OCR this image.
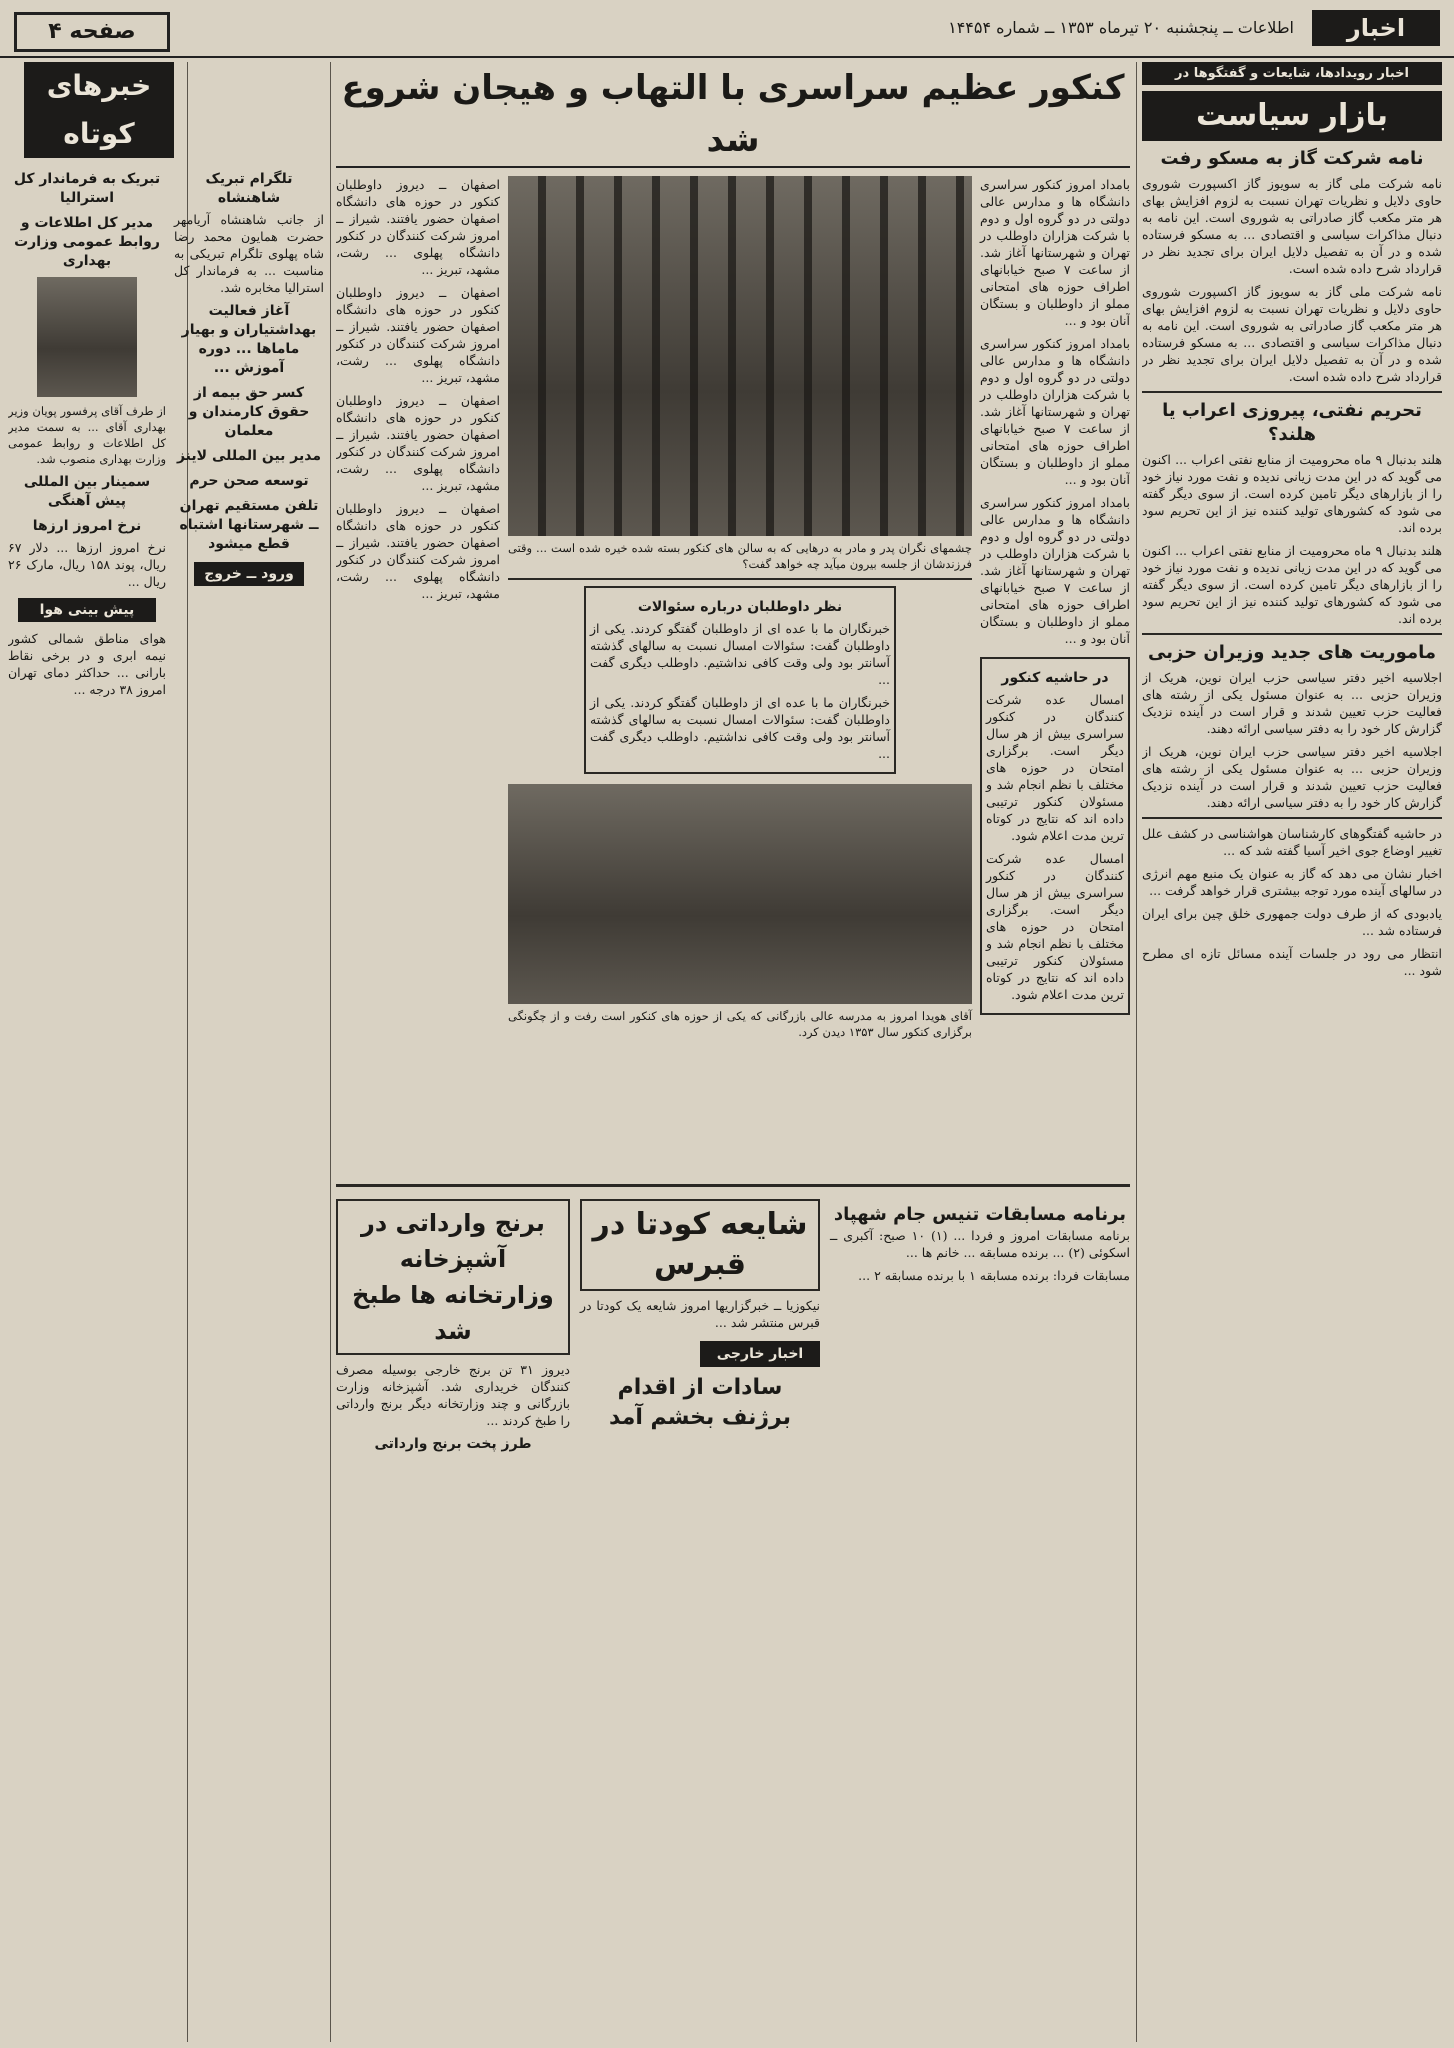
اخبار
اطلاعات ــ پنجشنبه ۲۰ تیرماه ۱۳۵۳ ــ شماره ۱۴۴۵۴
صفحه ۴
اخبار رویدادها، شایعات و گفتگوها در
بازار سیاست
نامه شرکت گاز به مسکو رفت

نامه شرکت ملی گاز به سویوز گاز اکسپورت شوروی حاوی دلایل و نظریات تهران نسبت به لزوم افزایش بهای هر متر مکعب گاز صادراتی به شوروی است. این نامه به دنبال مذاکرات سیاسی و اقتصادی ... به مسکو فرستاده شده و در آن به تفصیل دلایل ایران برای تجدید نظر در قرارداد شرح داده شده است.

نامه شرکت ملی گاز به سویوز گاز اکسپورت شوروی حاوی دلایل و نظریات تهران نسبت به لزوم افزایش بهای هر متر مکعب گاز صادراتی به شوروی است. این نامه به دنبال مذاکرات سیاسی و اقتصادی ... به مسکو فرستاده شده و در آن به تفصیل دلایل ایران برای تجدید نظر در قرارداد شرح داده شده است.

تحریم نفتی، پیروزی اعراب یا هلند؟

هلند بدنبال ۹ ماه محرومیت از منابع نفتی اعراب ... اکنون می گوید که در این مدت زیانی ندیده و نفت مورد نیاز خود را از بازارهای دیگر تامین کرده است. از سوی دیگر گفته می شود که کشورهای تولید کننده نیز از این تحریم سود برده اند.

هلند بدنبال ۹ ماه محرومیت از منابع نفتی اعراب ... اکنون می گوید که در این مدت زیانی ندیده و نفت مورد نیاز خود را از بازارهای دیگر تامین کرده است. از سوی دیگر گفته می شود که کشورهای تولید کننده نیز از این تحریم سود برده اند.

ماموریت های جدید وزیران حزبی

اجلاسیه اخیر دفتر سیاسی حزب ایران نوین، هریک از وزیران حزبی ... به عنوان مسئول یکی از رشته های فعالیت حزب تعیین شدند و قرار است در آینده نزدیک گزارش کار خود را به دفتر سیاسی ارائه دهند.

اجلاسیه اخیر دفتر سیاسی حزب ایران نوین، هریک از وزیران حزبی ... به عنوان مسئول یکی از رشته های فعالیت حزب تعیین شدند و قرار است در آینده نزدیک گزارش کار خود را به دفتر سیاسی ارائه دهند.

در حاشیه گفتگوهای کارشناسان هواشناسی در کشف علل تغییر اوضاع جوی اخیر آسیا گفته شد که ...

اخبار نشان می دهد که گاز به عنوان یک منبع مهم انرژی در سالهای آینده مورد توجه بیشتری قرار خواهد گرفت ...

یادبودی که از طرف دولت جمهوری خلق چین برای ایران فرستاده شد ...

انتظار می رود در جلسات آینده مسائل تازه ای مطرح شود ...

کنکور عظیم سراسری با التهاب و هیجان شروع شد

بامداد امروز کنکور سراسری دانشگاه ها و مدارس عالی دولتی در دو گروه اول و دوم با شرکت هزاران داوطلب در تهران و شهرستانها آغاز شد. از ساعت ۷ صبح خیابانهای اطراف حوزه های امتحانی مملو از داوطلبان و بستگان آنان بود و ...

بامداد امروز کنکور سراسری دانشگاه ها و مدارس عالی دولتی در دو گروه اول و دوم با شرکت هزاران داوطلب در تهران و شهرستانها آغاز شد. از ساعت ۷ صبح خیابانهای اطراف حوزه های امتحانی مملو از داوطلبان و بستگان آنان بود و ...

بامداد امروز کنکور سراسری دانشگاه ها و مدارس عالی دولتی در دو گروه اول و دوم با شرکت هزاران داوطلب در تهران و شهرستانها آغاز شد. از ساعت ۷ صبح خیابانهای اطراف حوزه های امتحانی مملو از داوطلبان و بستگان آنان بود و ...

در حاشیه کنکور

امسال عده شرکت کنندگان در کنکور سراسری بیش از هر سال دیگر است. برگزاری امتحان در حوزه های مختلف با نظم انجام شد و مسئولان کنکور ترتیبی داده اند که نتایج در کوتاه ترین مدت اعلام شود.

امسال عده شرکت کنندگان در کنکور سراسری بیش از هر سال دیگر است. برگزاری امتحان در حوزه های مختلف با نظم انجام شد و مسئولان کنکور ترتیبی داده اند که نتایج در کوتاه ترین مدت اعلام شود.

چشمهای نگران پدر و مادر به درهایی که به سالن های کنکور بسته شده خیره شده است ... وقتی فرزندشان از جلسه بیرون میآید چه خواهد گفت؟

نظر داوطلبان درباره سئوالات

خبرنگاران ما با عده ای از داوطلبان گفتگو کردند. یکی از داوطلبان گفت: سئوالات امسال نسبت به سالهای گذشته آسانتر بود ولی وقت کافی نداشتیم. داوطلب دیگری گفت ...

خبرنگاران ما با عده ای از داوطلبان گفتگو کردند. یکی از داوطلبان گفت: سئوالات امسال نسبت به سالهای گذشته آسانتر بود ولی وقت کافی نداشتیم. داوطلب دیگری گفت ...

آقای هویدا امروز به مدرسه عالی بازرگانی که یکی از حوزه های کنکور است رفت و از چگونگی برگزاری کنکور سال ۱۳۵۳ دیدن کرد.

اصفهان ــ دیروز داوطلبان کنکور در حوزه های دانشگاه اصفهان حضور یافتند. شیراز ــ امروز شرکت کنندگان در کنکور دانشگاه پهلوی ... رشت، مشهد، تبریز ...

اصفهان ــ دیروز داوطلبان کنکور در حوزه های دانشگاه اصفهان حضور یافتند. شیراز ــ امروز شرکت کنندگان در کنکور دانشگاه پهلوی ... رشت، مشهد، تبریز ...

اصفهان ــ دیروز داوطلبان کنکور در حوزه های دانشگاه اصفهان حضور یافتند. شیراز ــ امروز شرکت کنندگان در کنکور دانشگاه پهلوی ... رشت، مشهد، تبریز ...

اصفهان ــ دیروز داوطلبان کنکور در حوزه های دانشگاه اصفهان حضور یافتند. شیراز ــ امروز شرکت کنندگان در کنکور دانشگاه پهلوی ... رشت، مشهد، تبریز ...

برنامه مسابقات تنیس جام شهپاد

برنامه مسابقات امروز و فردا ... (۱) ۱۰ صبح: آکبری ــ اسکوئی (۲) ... برنده مسابقه ... خانم ها ...

مسابقات فردا: برنده مسابقه ۱ با برنده مسابقه ۲ ...

شایعه کودتا در قبرس

نیکوزیا ــ خبرگزاریها امروز شایعه یک کودتا در قبرس منتشر شد ...

اخبار خارجی
سادات از اقدام برژنف بخشم آمد
برنج وارداتی در آشپزخانه وزارتخانه ها طبخ شد

دیروز ۳۱ تن برنج خارجی بوسیله مصرف کنندگان خریداری شد. آشپزخانه وزارت بازرگانی و چند وزارتخانه دیگر برنج وارداتی را طبخ کردند ...

طرز پخت برنج وارداتی
خبرهای کوتاه
تلگرام تبریک شاهنشاه

از جانب شاهنشاه آریامهر حضرت همایون محمد رضا شاه پهلوی تلگرام تبریکی به مناسبت ... به فرماندار کل استرالیا مخابره شد.

آغاز فعالیت بهداشتیاران و بهیار ماماها ... دوره آموزش ...
کسر حق بیمه از حقوق کارمندان و معلمان
مدیر بین المللی لاینز
توسعه صحن حرم
تلفن مستقیم تهران ــ شهرستانها اشتباه قطع میشود
ورود ــ خروج
تبریک به فرماندار کل استرالیا
مدیر کل اطلاعات و روابط عمومی وزارت بهداری

از طرف آقای پرفسور پویان وزیر بهداری آقای ... به سمت مدیر کل اطلاعات و روابط عمومی وزارت بهداری منصوب شد.

سمینار بین المللی پیش آهنگی
نرخ امروز ارزها

نرخ امروز ارزها ... دلار ۶۷ ریال، پوند ۱۵۸ ریال، مارک ۲۶ ریال ...

پیش بینی هوا

هوای مناطق شمالی کشور نیمه ابری و در برخی نقاط بارانی ... حداکثر دمای تهران امروز ۳۸ درجه ...
